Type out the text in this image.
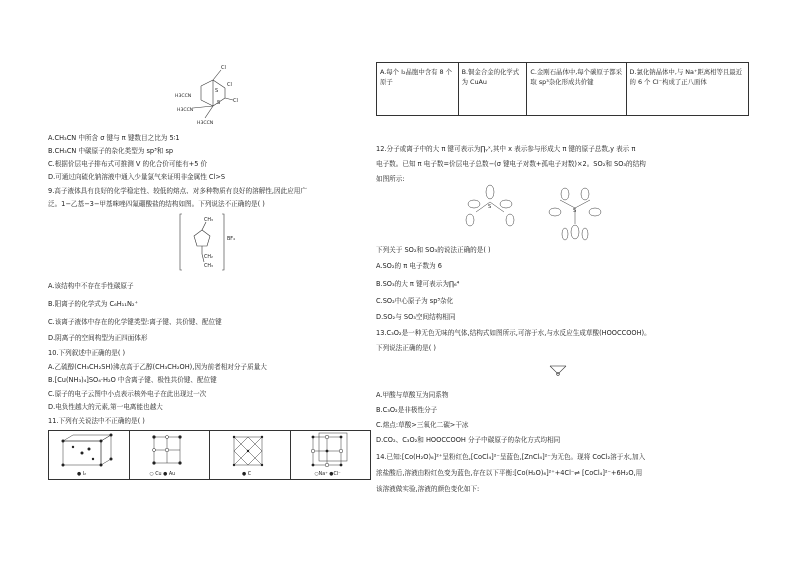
Cl
Cl
Cl
S
S
H3CCN
H3CCN
H3CCN
A.CH₃CN 中所含 σ 键与 π 键数目之比为 5∶1
B.CH₃CN 中碳原子的杂化类型为 sp³和 sp
C.根据价层电子排布式可推测 V 的化合价可能有+5 价
D.可通过向硫化钠溶液中通入少量氯气来证明非金属性 Cl>S
9.高子液体具有良好的化学稳定性、较低的熔点、对多种物质有良好的溶解性,因此应用广
泛。1−乙基−3−甲基咪唑四氟硼酸盐的结构如图。下列说法不正确的是( )
CH₃
BF₄
CH₂
CH₃
A.该结构中不存在手性碳原子
B.阳离子的化学式为 C₆H₁₁N₂⁺
C.该离子液体中存在的化学键类型:离子键、共价键、配位键
D.阴离子的空间构型为正四面体形
10.下列叙述中正确的是( )
A.乙硫醇(CH₃CH₂SH)沸点高于乙醇(CH₃CH₂OH),因为前者相对分子质量大
B.[Cu(NH₃)₄]SO₄·H₂O 中含离子键、极性共价键、配位键
C.原子的电子云图中小点表示核外电子在此出现过一次
D.电负性越大的元素,第一电离能也越大
11.下列有关说法中不正确的是( )
● I₂	○ Cu ● Au	● C	○Na⁺ ●Cl⁻
A.每个 I₂晶胞中含有 8 个原子	B.铜金合金的化学式为 CuAu	C.金刚石晶体中,每个碳原子都采取 sp³杂化形成共价键	D.氯化钠晶体中,与 Na⁺距离相等且最近的 6 个 Cl⁻构成了正八面体
12.分子或离子中的大 π 键可表示为∏ᵧˣ,其中 x 表示参与形成大 π 键的原子总数,y 表示 π
电子数。已知 π 电子数=价层电子总数−(σ 键电子对数+孤电子对数)×2。SO₂和 SO₃的结构
如图所示:
S
S
下列关于 SO₂和 SO₃的说法正确的是( )
A.SO₂的 π 电子数为 6
B.SO₃的大 π 键可表示为∏₆⁴
C.SO₂中心原子为 sp³杂化
D.SO₂与 SO₃空间结构相同
13.C₃O₂是一种无色无味的气体,结构式如图所示,可溶于水,与水反应生成草酸(HOOCCOOH)。
下列说法正确的是( )
A.甲酸与草酸互为同系物
B.C₃O₂是非极性分子
C.熔点:草酸>三氧化二碳>干冰
D.CO₂、C₃O₂和 HOOCCOOH 分子中碳原子的杂化方式均相同
14.已知:[Co(H₂O)₆]²⁺呈粉红色,[CoCl₄]²⁻呈蓝色,[ZnCl₄]²⁻为无色。现将 CoCl₂溶于水,加入
浓盐酸后,溶液由粉红色变为蓝色,存在以下平衡:[Co(H₂O)₆]²⁺+4Cl⁻⇌ [CoCl₄]²⁻+6H₂O,用
该溶液做实验,溶液的颜色变化如下:
